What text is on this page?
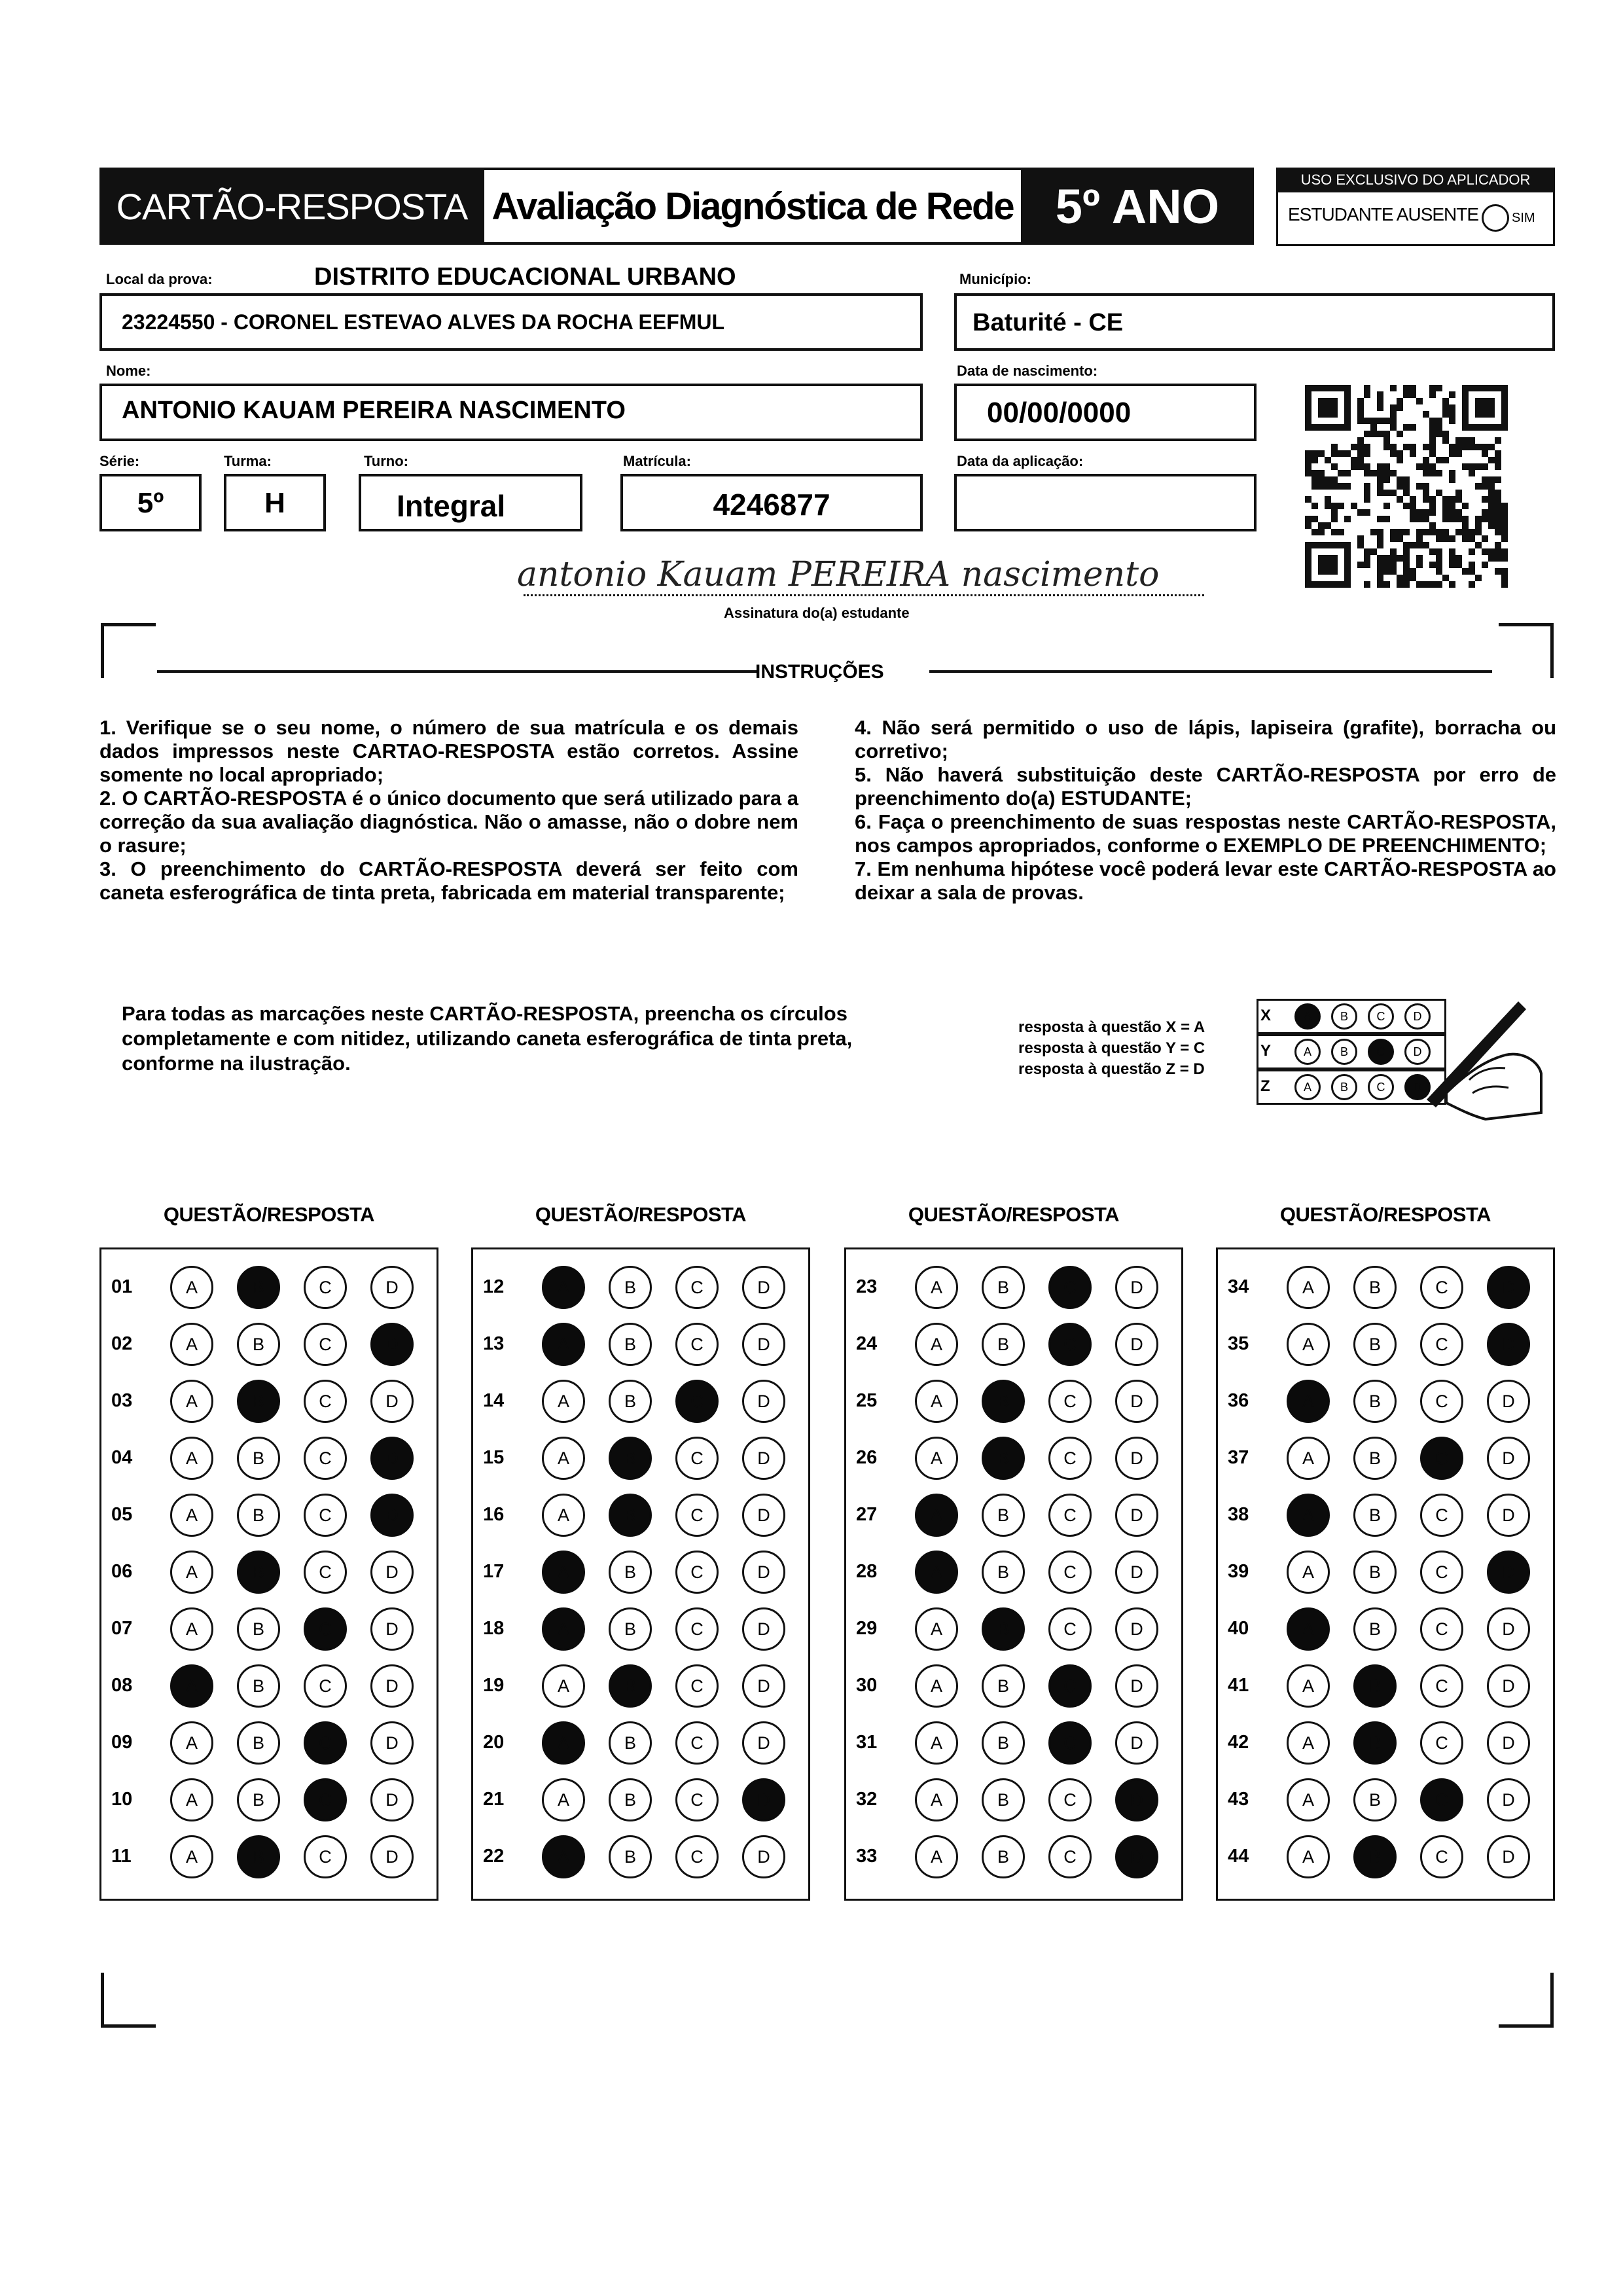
CARTÃO-RESPOSTA Avaliação Diagnóstica de Rede 5º ANO	USO EXCLUSIVO DO APLICADOR
ESTUDANTE AUSENTE	SIM
Local da prova:	DISTRITO EDUCACIONAL URBANO
23224550 - CORONEL ESTEVAO ALVES DA ROCHA EEFMUL
Município:
Baturité - CE
Nome:
ANTONIO KAUAM PEREIRA NASCIMENTO
Data de nascimento:
00/00/0000
Série:
5º
Turma:
H
Turno:
Integral
Matrícula:
4246877
Data da aplicação:
antonio Kauam PEREIRA nascimento
Assinatura do(a) estudante
INSTRUÇÕES

1. Verifique se o seu nome, o número de sua matrícula e os demais dados impressos neste CARTAO-RESPOSTA estão corretos. Assine somente no local apropriado;

2. O CARTÃO-RESPOSTA é o único documento que será utilizado para a correção da sua avaliação diagnóstica. Não o amasse, não o dobre nem o rasure;

3. O preenchimento do CARTÃO-RESPOSTA deverá ser feito com caneta esferográfica de tinta preta, fabricada em material transparente;

4. Não será permitido o uso de lápis, lapiseira (grafite), borracha ou corretivo;

5. Não haverá substituição deste CARTÃO-RESPOSTA por erro de preenchimento do(a) ESTUDANTE;

6. Faça o preenchimento de suas respostas neste CARTÃO-RESPOSTA, nos campos apropriados, conforme o EXEMPLO DE PREENCHIMENTO;

7. Em nenhuma hipótese você poderá levar este CARTÃO-RESPOSTA ao deixar a sala de provas.

Para todas as marcações neste CARTÃO-RESPOSTA, preencha os círculos completamente e com nitidez, utilizando caneta esferográfica de tinta preta, conforme na ilustração.
resposta à questão X = A
resposta à questão Y = C
resposta à questão Z = D
X	A	B	C	D
Y	A	B	C	D
Z	A	B	C	D
QUESTÃO/RESPOSTA
01	A	B	C	D
02	A	B	C	D
03	A	B	C	D
04	A	B	C	D
05	A	B	C	D
06	A	B	C	D
07	A	B	C	D
08	A	B	C	D
09	A	B	C	D
10	A	B	C	D
11	A	B	C	D
QUESTÃO/RESPOSTA
12	A	B	C	D
13	A	B	C	D
14	A	B	C	D
15	A	B	C	D
16	A	B	C	D
17	A	B	C	D
18	A	B	C	D
19	A	B	C	D
20	A	B	C	D
21	A	B	C	D
22	A	B	C	D
QUESTÃO/RESPOSTA
23	A	B	C	D
24	A	B	C	D
25	A	B	C	D
26	A	B	C	D
27	A	B	C	D
28	A	B	C	D
29	A	B	C	D
30	A	B	C	D
31	A	B	C	D
32	A	B	C	D
33	A	B	C	D
QUESTÃO/RESPOSTA
34	A	B	C	D
35	A	B	C	D
36	A	B	C	D
37	A	B	C	D
38	A	B	C	D
39	A	B	C	D
40	A	B	C	D
41	A	B	C	D
42	A	B	C	D
43	A	B	C	D
44	A	B	C	D
